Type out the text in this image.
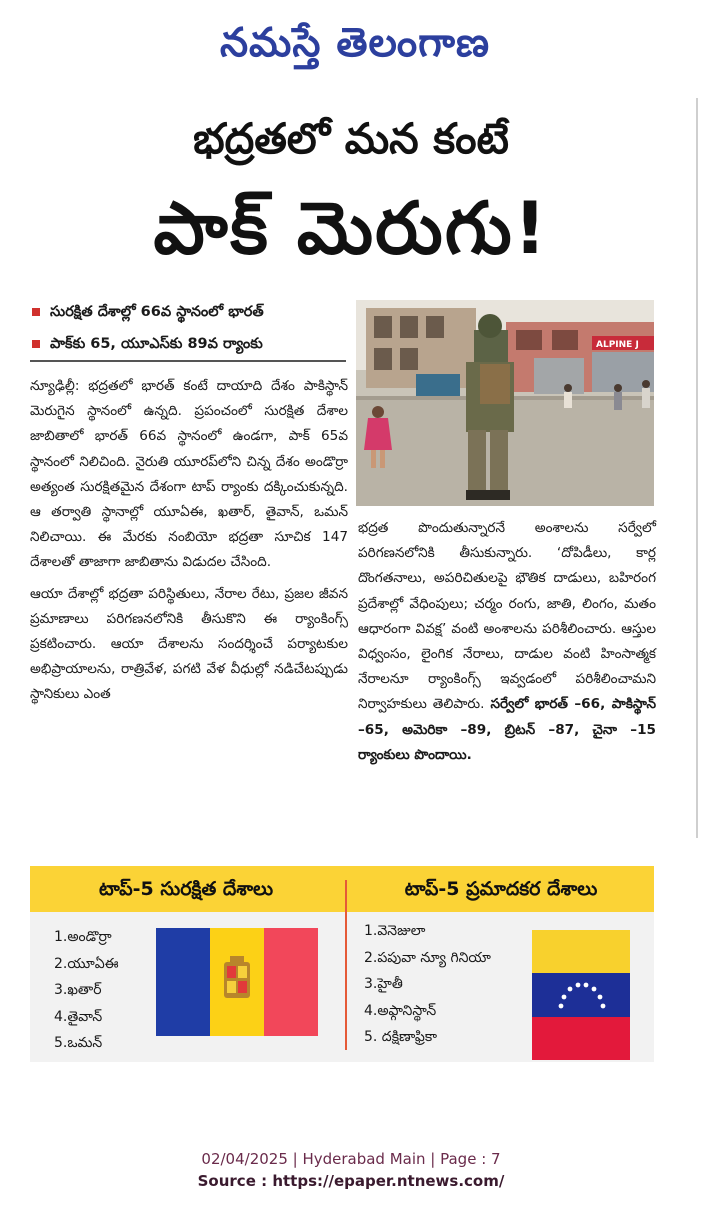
నమస్తే తెలంగాణ
భద్రతలో మన కంటే
పాక్ మెరుగు!
సురక్షిత దేశాల్లో 66వ స్థానంలో భారత్
పాక్‌కు 65, యూఎస్‌కు 89వ ర్యాంకు	ALPINE J

న్యూఢిల్లీ: భద్రతలో భారత్ కంటే దాయాది దేశం పాకిస్థాన్ మెరుగైన స్థానంలో ఉన్నది. ప్రపంచంలో సురక్షిత దేశాల జాబితాలో భారత్ 66వ స్థానంలో ఉండగా, పాక్ 65వ స్థానంలో నిలిచింది. నైరుతి యూరప్‌లోని చిన్న దేశం అండొర్రా అత్యంత సురక్షితమైన దేశంగా టాప్ ర్యాంకు దక్కించుకున్నది. ఆ తర్వాతి స్థానాల్లో యూఏఈ, ఖతార్, తైవాన్, ఒమన్ నిలిచాయి. ఈ మేరకు నంబియో భద్రతా సూచిక 147 దేశాలతో తాజాగా జాబితాను విడుదల చేసింది.

ఆయా దేశాల్లో భద్రతా పరిస్థితులు, నేరాల రేటు, ప్రజల జీవన ప్రమాణాలు పరిగణనలోనికి తీసుకొని ఈ ర్యాంకింగ్స్ ప్రకటించారు. ఆయా దేశాలను సందర్శించే పర్యాటకుల అభిప్రాయాలను, రాత్రివేళ, పగటి వేళ వీధుల్లో నడిచేటప్పుడు స్థానికులు ఎంత

భద్రత పొందుతున్నారనే అంశాలను సర్వేలో పరిగణనలోనికి తీసుకున్నారు. ‘దోపిడీలు, కార్ల దొంగతనాలు, అపరిచితులపై భౌతిక దాడులు, బహిరంగ ప్రదేశాల్లో వేధింపులు; చర్మం రంగు, జాతి, లింగం, మతం ఆధారంగా వివక్ష’ వంటి అంశాలను పరిశీలించారు. ఆస్తుల విధ్వంసం, లైంగిక నేరాలు, దాడుల వంటి హింసాత్మక నేరాలనూ ర్యాంకింగ్స్ ఇవ్వడంలో పరిశీలించామని నిర్వాహకులు తెలిపారు. సర్వేలో భారత్ –66, పాకిస్థాన్ –65, అమెరికా –89, బ్రిటన్ –87, చైనా –15 ర్యాంకులు పొందాయి.

టాప్-5 సురక్షిత దేశాలు	టాప్-5 ప్రమాదకర దేశాలు
1.అండొర్రా
2.యూఏఈ
3.ఖతార్
4.తైవాన్
5.ఒమన్
1.వెనెజులా
2.పపువా న్యూ గినియా
3.హైతీ
4.అఫ్గానిస్థాన్
5. దక్షిణాఫ్రికా
02/04/2025 | Hyderabad Main | Page : 7
Source : https://epaper.ntnews.com/
